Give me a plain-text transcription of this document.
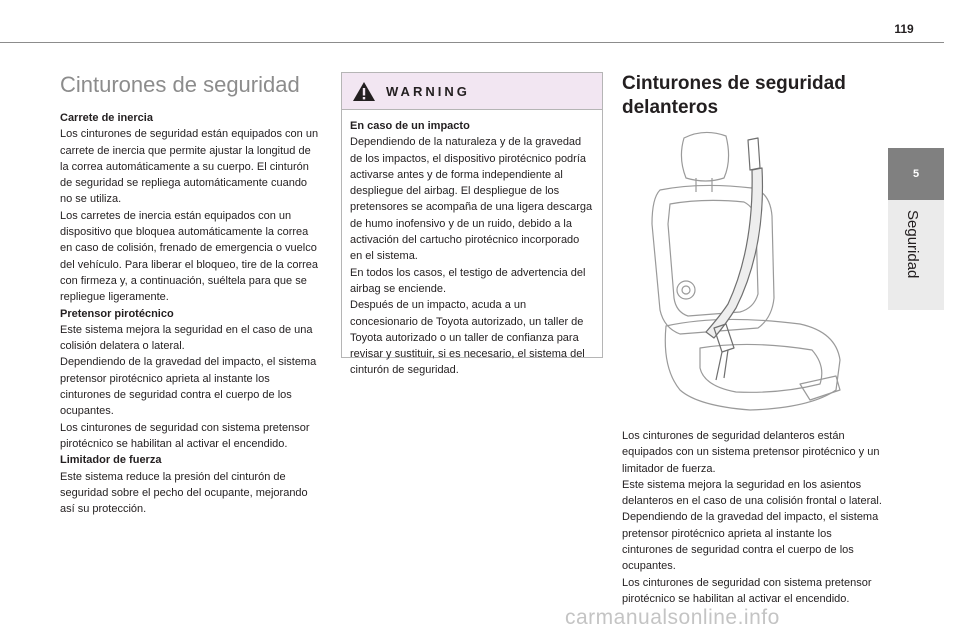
119
5
Seguridad
Cinturones de seguridad

Carrete de inercia
Los cinturones de seguridad están equipados con un carrete de inercia que permite ajustar la longitud de la correa automáticamente a su cuerpo. El cinturón de seguridad se repliega automáticamente cuando no se utiliza.

Los carretes de inercia están equipados con un dispositivo que bloquea automáticamente la correa en caso de colisión, frenado de emergencia o vuelco del vehículo. Para liberar el bloqueo, tire de la correa con firmeza y, a continuación, suéltela para que se repliegue ligeramente.

Pretensor pirotécnico
Este sistema mejora la seguridad en el caso de una colisión delatera o lateral.

Dependiendo de la gravedad del impacto, el sistema pretensor pirotécnico aprieta al instante los cinturones de seguridad contra el cuerpo de los ocupantes.

Los cinturones de seguridad con sistema pretensor pirotécnico se habilitan al activar el encendido.

Limitador de fuerza
Este sistema reduce la presión del cinturón de seguridad sobre el pecho del ocupante, mejorando así su protección.

WARNING

En caso de un impacto

Dependiendo de la naturaleza y de la gravedad de los impactos, el dispositivo pirotécnico podría activarse antes y de forma independiente al despliegue del airbag. El despliegue de los pretensores se acompaña de una ligera descarga de humo inofensivo y de un ruido, debido a la activación del cartucho pirotécnico incorporado en el sistema.

En todos los casos, el testigo de advertencia del airbag se enciende.

Después de un impacto, acuda a un concesionario de Toyota autorizado, un taller de Toyota autorizado o un taller de confianza para revisar y sustituir, si es necesario, el sistema del cinturón de seguridad.

Cinturones de seguridad
delanteros

Los cinturones de seguridad delanteros están equipados con un sistema pretensor pirotécnico y un limitador de fuerza.

Este sistema mejora la seguridad en los asientos delanteros en el caso de una colisión frontal o lateral.

Dependiendo de la gravedad del impacto, el sistema pretensor pirotécnico aprieta al instante los cinturones de seguridad contra el cuerpo de los ocupantes.

Los cinturones de seguridad con sistema pretensor pirotécnico se habilitan al activar el encendido.

carmanualsonline.info
